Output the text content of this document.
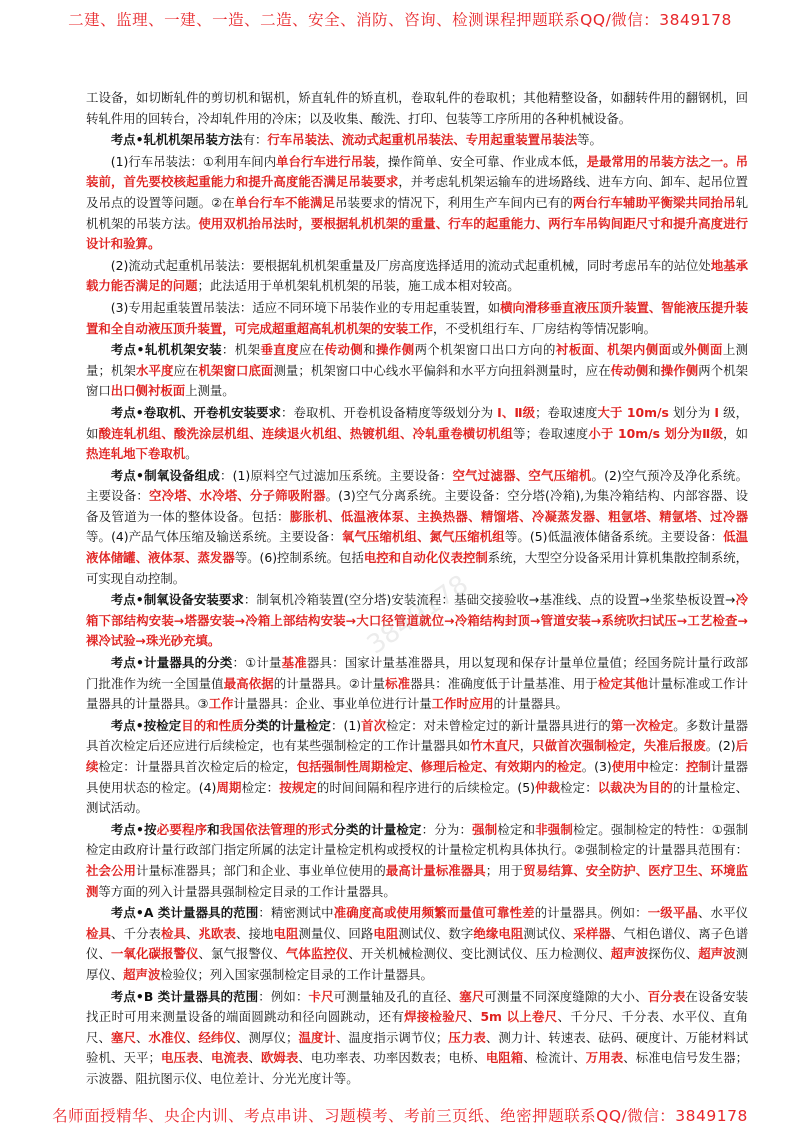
二建、监理、一建、一造、二造、安全、消防、咨询、检测课程押题联系QQ/微信：3849178

工设备，如切断轧件的剪切机和锯机，矫直轧件的矫直机，卷取轧件的卷取机；其他精整设备，如翻转件用的翻钢机，回转轧件用的回转台，冷却轧件用的冷床；以及收集、酸洗、打印、包装等工序所用的各种机械设备。

考点•轧机机架吊装方法有：行车吊装法、流动式起重机吊装法、专用起重装置吊装法等。

(1)行车吊装法：①利用车间内单台行车进行吊装，操作简单、安全可靠、作业成本低，是最常用的吊装方法之一。吊装前，首先要校核起重能力和提升高度能否满足吊装要求，并考虑轧机架运输车的进场路线、进车方向、卸车、起吊位置及吊点的设置等问题。②在单台行车不能满足吊装要求的情况下，利用生产车间内已有的两台行车辅助平衡梁共同抬吊轧机机架的吊装方法。使用双机抬吊法时，要根据轧机机架的重量、行车的起重能力、两行车吊钩间距尺寸和提升高度进行设计和验算。

(2)流动式起重机吊装法：要根据轧机机架重量及厂房高度选择适用的流动式起重机械，同时考虑吊车的站位处地基承载力能否满足的问题；此法适用于单机架轧机机架的吊装，施工成本相对较高。

(3)专用起重装置吊装法：适应不同环境下吊装作业的专用起重装置，如横向滑移垂直液压顶升装置、智能液压提升装置和全自动液压顶升装置，可完成超重超高轧机机架的安装工作，不受机组行车、厂房结构等情况影响。

考点•轧机机架安装：机架垂直度应在传动侧和操作侧两个机架窗口出口方向的衬板面、机架内侧面或外侧面上测量；机架水平度应在机架窗口底面测量；机架窗口中心线水平偏斜和水平方向扭斜测量时，应在传动侧和操作侧两个机架窗口出口侧衬板面上测量。

考点•卷取机、开卷机安装要求：卷取机、开卷机设备精度等级划分为 Ⅰ、Ⅱ级；卷取速度大于 10m/s 划分为 Ⅰ 级，如酸连轧机组、酸洗涂层机组、连续退火机组、热镀机组、冷轧重卷横切机组等；卷取速度小于 10m/s 划分为Ⅱ级，如热连轧地下卷取机。

考点•制氧设备组成：(1)原料空气过滤加压系统。主要设备：空气过滤器、空气压缩机。(2)空气预冷及净化系统。主要设备：空冷塔、水冷塔、分子筛吸附器。(3)空气分离系统。主要设备：空分塔(冷箱),为集冷箱结构、内部容器、设备及管道为一体的整体设备。包括：膨胀机、低温液体泵、主换热器、精馏塔、冷凝蒸发器、粗氩塔、精氩塔、过冷器等。(4)产品气体压缩及输送系统。主要设备：氧气压缩机组、氮气压缩机组等。(5)低温液体储备系统。主要设备：低温液体储罐、液体泵、蒸发器等。(6)控制系统。包括电控和自动化仪表控制系统，大型空分设备采用计算机集散控制系统，可实现自动控制。

考点•制氧设备安装要求：制氧机冷箱装置(空分塔)安装流程：基础交接验收→基准线、点的设置→坐浆垫板设置→冷箱下部结构安装→塔器安装→冷箱上部结构安装→大口径管道就位→冷箱结构封顶→管道安装→系统吹扫试压→工艺检查→裸冷试验→珠光砂充填。

考点•计量器具的分类：①计量基准器具：国家计量基准器具，用以复现和保存计量单位量值；经国务院计量行政部门批准作为统一全国量值最高依据的计量器具。②计量标准器具：准确度低于计量基准、用于检定其他计量标准或工作计量器具的计量器具。③工作计量器具：企业、事业单位进行计量工作时应用的计量器具。

考点•按检定目的和性质分类的计量检定：(1)首次检定：对未曾检定过的新计量器具进行的第一次检定。多数计量器具首次检定后还应进行后续检定，也有某些强制检定的工作计量器具如竹木直尺，只做首次强制检定，失准后报废。(2)后续检定：计量器具首次检定后的检定，包括强制性周期检定、修理后检定、有效期内的检定。(3)使用中检定：控制计量器具使用状态的检定。(4)周期检定：按规定的时间间隔和程序进行的后续检定。(5)仲裁检定：以裁决为目的的计量检定、测试活动。

考点•按必要程序和我国依法管理的形式分类的计量检定：分为：强制检定和非强制检定。强制检定的特性：①强制检定由政府计量行政部门指定所属的法定计量检定机构或授权的计量检定机构具体执行。②强制检定的计量器具范围有：社会公用计量标准器具；部门和企业、事业单位使用的最高计量标准器具；用于贸易结算、安全防护、医疗卫生、环境监测等方面的列入计量器具强制检定目录的工作计量器具。

考点•A 类计量器具的范围：精密测试中准确度高或使用频繁而量值可靠性差的计量器具。例如：一级平晶、水平仪检具、千分表检具、兆欧表、接地电阻测量仪、回路电阻测试仪、数字绝缘电阻测试仪、采样器、气相色谱仪、离子色谱仪、一氧化碳报警仪、氯气报警仪、气体监控仪、开关机械检测仪、变比测试仪、压力检测仪、超声波探伤仪、超声波测厚仪、超声波检验仪；列入国家强制检定目录的工作计量器具。

考点•B 类计量器具的范围：例如：卡尺可测量轴及孔的直径、塞尺可测量不同深度缝隙的大小、百分表在设备安装找正时可用来测量设备的端面圆跳动和径向圆跳动，还有焊接检验尺、5m 以上卷尺、千分尺、千分表、水平仪、直角尺、塞尺、水准仪、经纬仪、测厚仪；温度计、温度指示调节仪；压力表、测力计、转速表、砝码、硬度计、万能材料试验机、天平；电压表、电流表、欧姆表、电功率表、功率因数表；电桥、电阻箱、检流计、万用表、标准电信号发生器；示波器、阻抗图示仪、电位差计、分光光度计等。

3849178
名师面授精华、央企内训、考点串讲、习题模考、考前三页纸、绝密押题联系QQ/微信：3849178
